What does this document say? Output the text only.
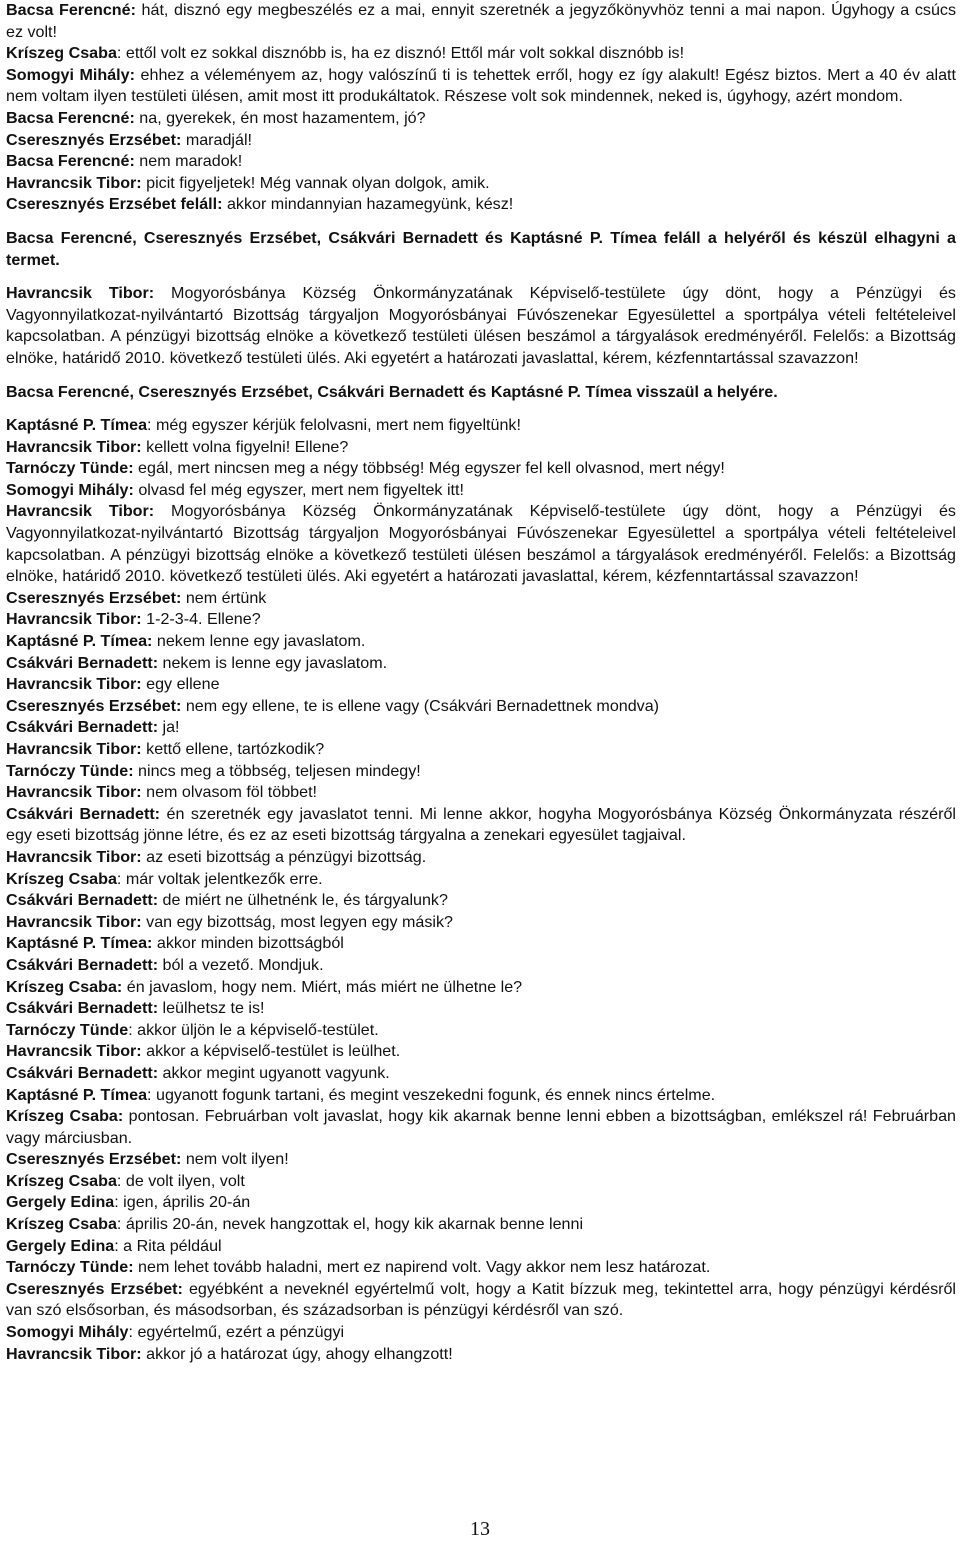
Bacsa Ferencné: hát, disznó egy megbeszélés ez a mai, ennyit szeretnék a jegyzőkönyvhöz tenni a mai napon. Úgyhogy a csúcs ez volt!

Kríszeg Csaba: ettől volt ez sokkal disznóbb is, ha ez disznó! Ettől már volt sokkal disznóbb is!

Somogyi Mihály: ehhez a véleményem az, hogy valószínű ti is tehettek erről, hogy ez így alakult! Egész biztos. Mert a 40 év alatt nem voltam ilyen testületi ülésen, amit most itt produkáltatok. Részese volt sok mindennek, neked is, úgyhogy, azért mondom.

Bacsa Ferencné: na, gyerekek, én most hazamentem, jó?

Cseresznyés Erzsébet: maradjál!

Bacsa Ferencné: nem maradok!

Havrancsik Tibor: picit figyeljetek! Még vannak olyan dolgok, amik.

Cseresznyés Erzsébet feláll: akkor mindannyian hazamegyünk, kész!

Bacsa Ferencné, Cseresznyés Erzsébet, Csákvári Bernadett és Kaptásné P. Tímea feláll a helyéről és készül elhagyni a termet.

Havrancsik Tibor: Mogyorósbánya Község Önkormányzatának Képviselő-testülete úgy dönt, hogy a Pénzügyi és Vagyonnyilatkozat-nyilvántartó Bizottság tárgyaljon Mogyorósbányai Fúvószenekar Egyesülettel a sportpálya vételi feltételeivel kapcsolatban. A pénzügyi bizottság elnöke a következő testületi ülésen beszámol a tárgyalások eredményéről. Felelős: a Bizottság elnöke, határidő 2010. következő testületi ülés. Aki egyetért a határozati javaslattal, kérem, kézfenntartással szavazzon!

Bacsa Ferencné, Cseresznyés Erzsébet, Csákvári Bernadett és Kaptásné P. Tímea visszaül a helyére.

Kaptásné P. Tímea: még egyszer kérjük felolvasni, mert nem figyeltünk!

Havrancsik Tibor: kellett volna figyelni! Ellene?

Tarnóczy Tünde: egál, mert nincsen meg a négy többség! Még egyszer fel kell olvasnod, mert négy!

Somogyi Mihály: olvasd fel még egyszer, mert nem figyeltek itt!

Havrancsik Tibor: Mogyorósbánya Község Önkormányzatának Képviselő-testülete úgy dönt, hogy a Pénzügyi és Vagyonnyilatkozat-nyilvántartó Bizottság tárgyaljon Mogyorósbányai Fúvószenekar Egyesülettel a sportpálya vételi feltételeivel kapcsolatban. A pénzügyi bizottság elnöke a következő testületi ülésen beszámol a tárgyalások eredményéről. Felelős: a Bizottság elnöke, határidő 2010. következő testületi ülés. Aki egyetért a határozati javaslattal, kérem, kézfenntartással szavazzon!

Cseresznyés Erzsébet: nem értünk

Havrancsik Tibor: 1-2-3-4. Ellene?

Kaptásné P. Tímea: nekem lenne egy javaslatom.

Csákvári Bernadett: nekem is lenne egy javaslatom.

Havrancsik Tibor: egy ellene

Cseresznyés Erzsébet: nem egy ellene, te is ellene vagy (Csákvári Bernadettnek mondva)

Csákvári Bernadett: ja!

Havrancsik Tibor: kettő ellene, tartózkodik?

Tarnóczy Tünde: nincs meg a többség, teljesen mindegy!

Havrancsik Tibor: nem olvasom föl többet!

Csákvári Bernadett: én szeretnék egy javaslatot tenni. Mi lenne akkor, hogyha Mogyorósbánya Község Önkormányzata részéről egy eseti bizottság jönne létre, és ez az eseti bizottság tárgyalna a zenekari egyesület tagjaival.

Havrancsik Tibor: az eseti bizottság a pénzügyi bizottság.

Kríszeg Csaba: már voltak jelentkezők erre.

Csákvári Bernadett: de miért ne ülhetnénk le, és tárgyalunk?

Havrancsik Tibor: van egy bizottság, most legyen egy másik?

Kaptásné P. Tímea: akkor minden bizottságból

Csákvári Bernadett: ból a vezető. Mondjuk.

Kríszeg Csaba: én javaslom, hogy nem. Miért, más miért ne ülhetne le?

Csákvári Bernadett: leülhetsz te is!

Tarnóczy Tünde: akkor üljön le a képviselő-testület.

Havrancsik Tibor: akkor a képviselő-testület is leülhet.

Csákvári Bernadett: akkor megint ugyanott vagyunk.

Kaptásné P. Tímea: ugyanott fogunk tartani, és megint veszekedni fogunk, és ennek nincs értelme.

Kríszeg Csaba: pontosan. Februárban volt javaslat, hogy kik akarnak benne lenni ebben a bizottságban, emlékszel rá! Februárban vagy márciusban.

Cseresznyés Erzsébet: nem volt ilyen!

Kríszeg Csaba: de volt ilyen, volt

Gergely Edina: igen, április 20-án

Kríszeg Csaba: április 20-án, nevek hangzottak el, hogy kik akarnak benne lenni

Gergely Edina: a Rita például

Tarnóczy Tünde: nem lehet tovább haladni, mert ez napirend volt. Vagy akkor nem lesz határozat.

Cseresznyés Erzsébet: egyébként a neveknél egyértelmű volt, hogy a Katit bízzuk meg, tekintettel arra, hogy pénzügyi kérdésről van szó elsősorban, és másodsorban, és századsorban is pénzügyi kérdésről van szó.

Somogyi Mihály: egyértelmű, ezért a pénzügyi

Havrancsik Tibor: akkor jó a határozat úgy, ahogy elhangzott!

13
